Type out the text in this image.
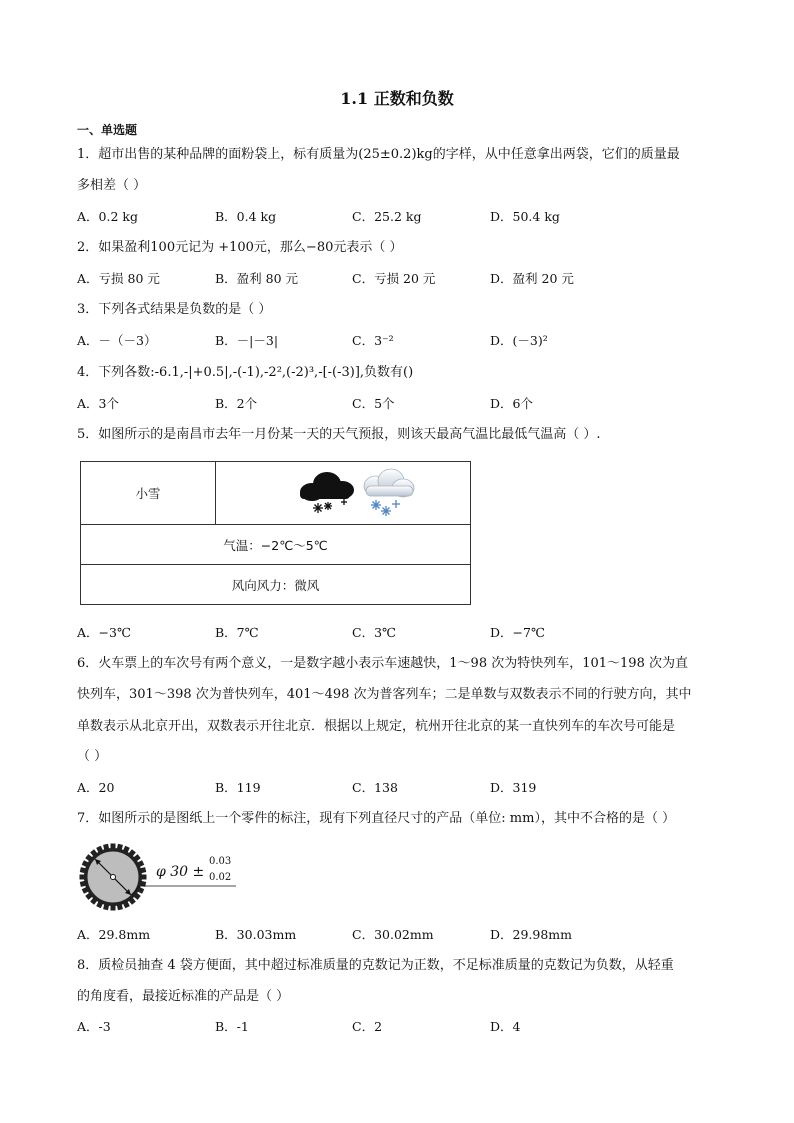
1.1 正数和负数
一、单选题
1．超市出售的某种品牌的面粉袋上，标有质量为(25±0.2)kg的字样，从中任意拿出两袋，它们的质量最
多相差（ ）
A．0.2 kg	B．0.4 kg	C．25.2 kg	D．50.4 kg
2．如果盈利100元记为 +100元，那么−80元表示（ ）
A．亏损 80 元	B．盈利 80 元	C．亏损 20 元	D．盈利 20 元
3．下列各式结果是负数的是（ ）
A．－（－3）	B．－|－3|	C．3⁻²	D．(－3)²
4．下列各数:-6.1,-|+0.5|,-(-1),-2²,(-2)³,-[-(-3)],负数有()
A．3个	B．2个	C．5个	D．6个
5．如图所示的是南昌市去年一月份某一天的天气预报，则该天最高气温比最低气温高（ ）.
小雪
气温：−2℃～5℃
风向风力：微风
A．−3℃	B．7℃	C．3℃	D．−7℃
6．火车票上的车次号有两个意义，一是数字越小表示车速越快，1～98 次为特快列车，101～198 次为直
快列车，301～398 次为普快列车，401～498 次为普客列车；二是单数与双数表示不同的行驶方向，其中
单数表示从北京开出，双数表示开往北京．根据以上规定，杭州开往北京的某一直快列车的车次号可能是
（ ）
A．20	B．119	C．138	D．319
7．如图所示的是图纸上一个零件的标注，现有下列直径尺寸的产品（单位: mm），其中不合格的是（ ）
φ 30 ±
0.03
0.02
A．29.8mm	B．30.03mm	C．30.02mm	D．29.98mm
8．质检员抽查 4 袋方便面，其中超过标准质量的克数记为正数，不足标准质量的克数记为负数，从轻重
的角度看，最接近标准的产品是（ ）
A．-3	B．-1	C．2	D．4
